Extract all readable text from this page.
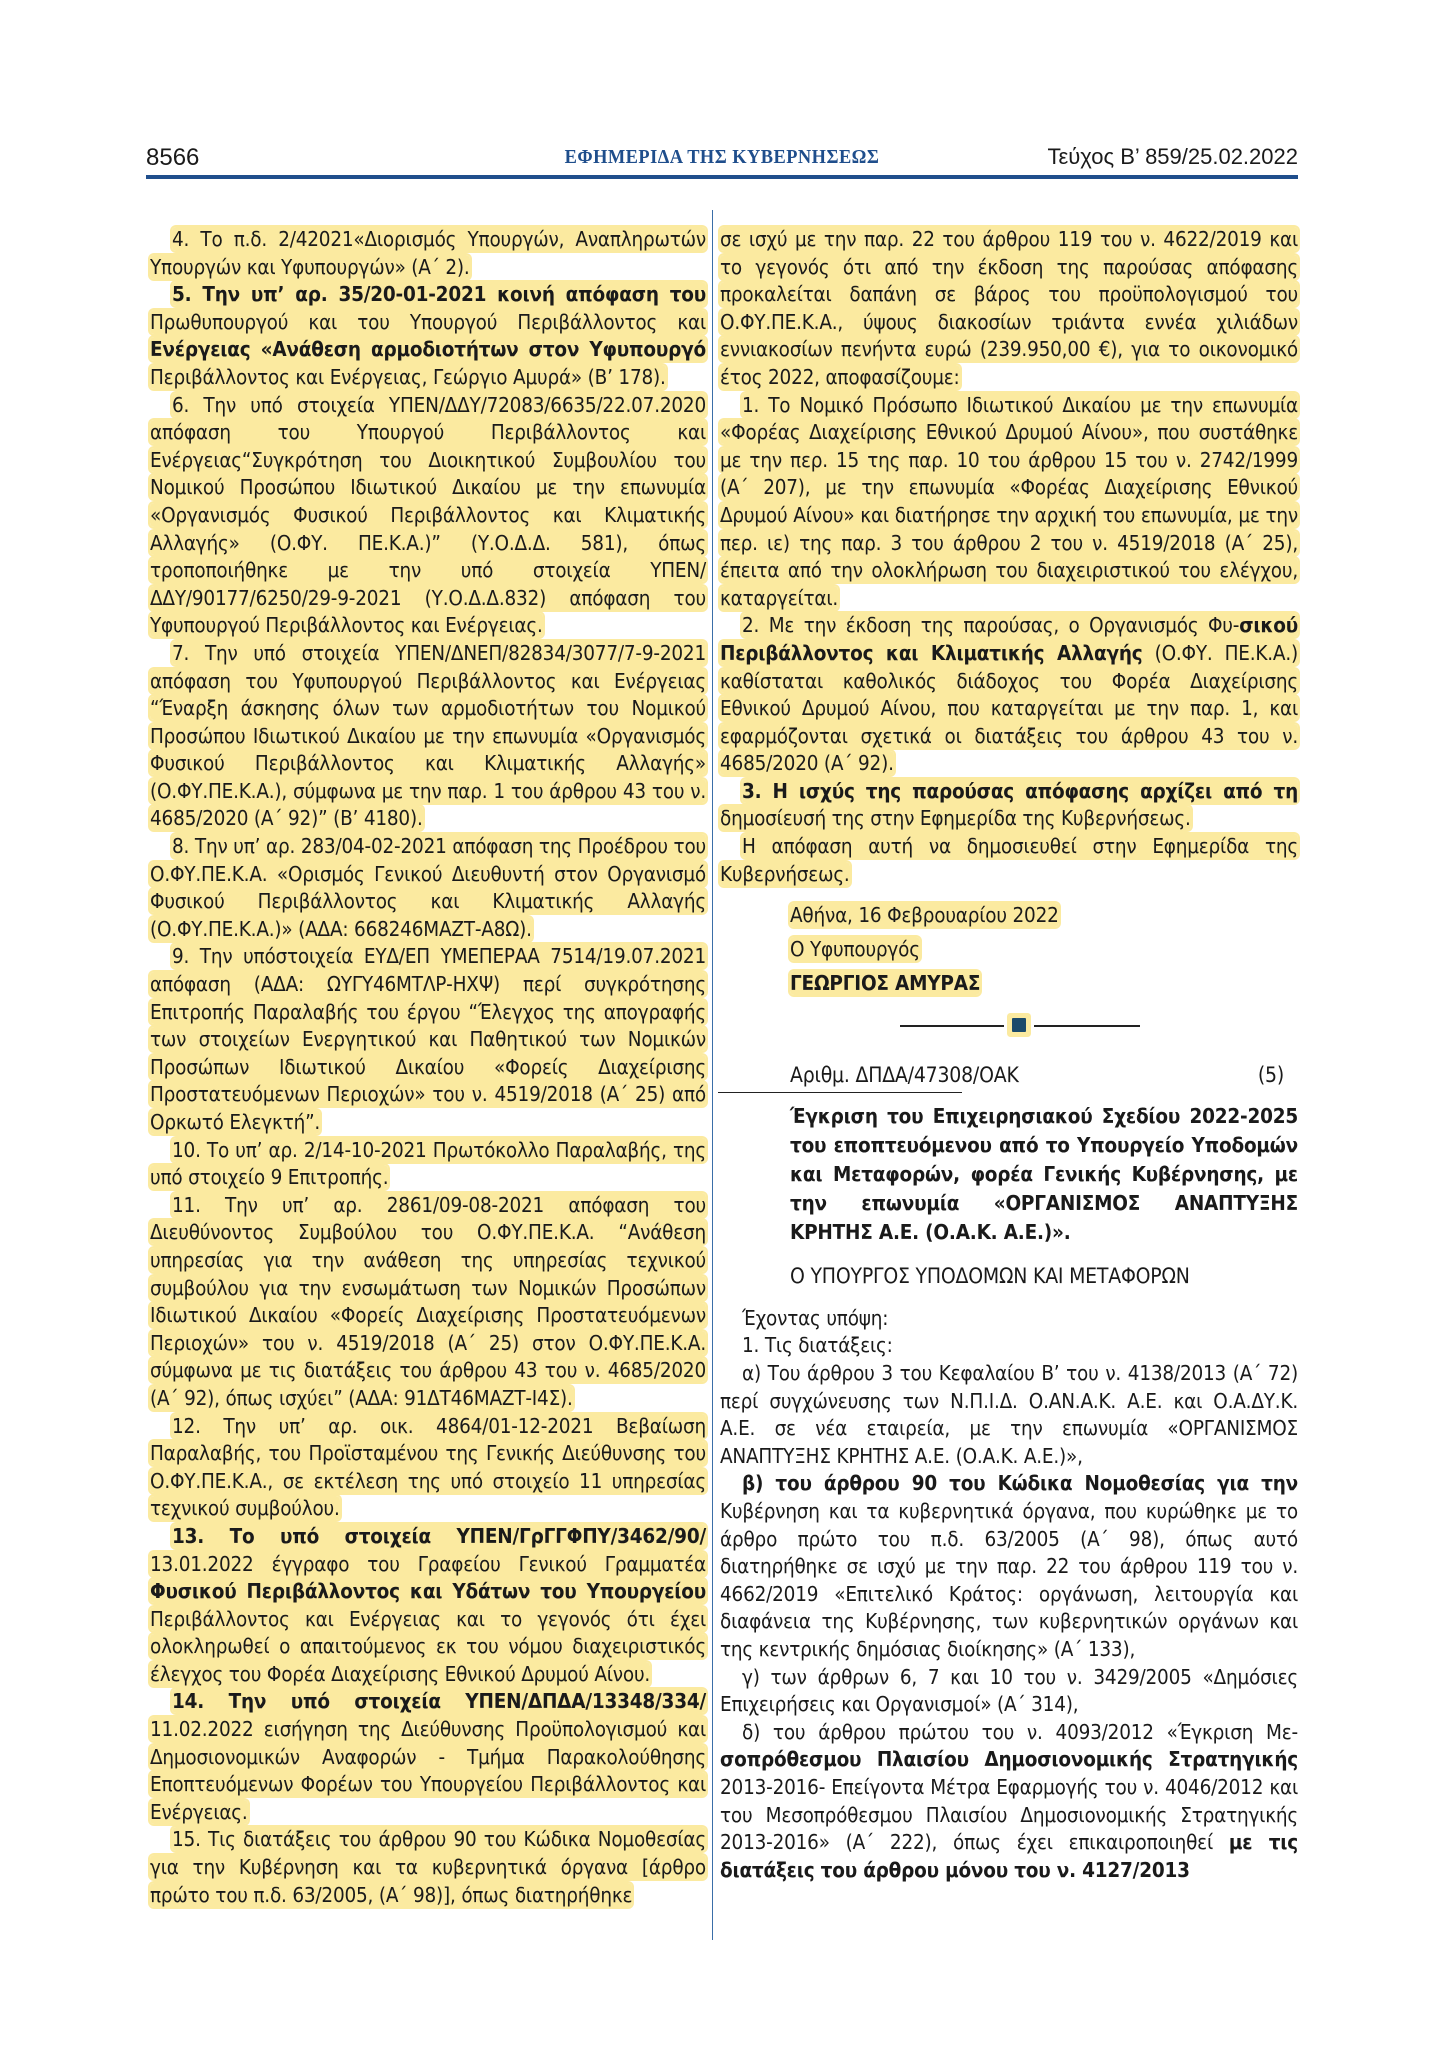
8566	ΕΦΗΜΕΡΙΔΑ ΤΗΣ ΚΥΒΕΡΝΗΣΕΩΣ	Τεύχος Β’ 859/25.02.2022

4. Το π.δ. 2/42021«Διορισμός Υπουργών, Αναπληρωτών Υπουργών και Υφυπουργών» (Α΄ 2).

5. Την υπ’ αρ. 35/20-01-2021 κοινή απόφαση του Πρωθυπουργού και του Υπουργού Περιβάλλοντος και Ενέργειας «Ανάθεση αρμοδιοτήτων στον Υφυπουργό Περιβάλλοντος και Ενέργειας, Γεώργιο Αμυρά» (Β’ 178).

6. Την υπό στοιχεία ΥΠΕΝ/ΔΔΥ/72083/6635/22.07.2020 απόφαση του Υπουργού Περιβάλλοντος και Ενέργειας“Συγκρότηση του Διοικητικού Συμβουλίου του Νομικού Προσώπου Ιδιωτικού Δικαίου με την επωνυμία «Οργανισμός Φυσικού Περιβάλλοντος και Κλιματικής Αλλαγής» (Ο.ΦΥ. ΠΕ.Κ.Α.)” (Υ.Ο.Δ.Δ. 581), όπως τροποποιήθηκε με την υπό στοιχεία ΥΠΕΝ/ΔΔΥ/90177/6250/29-9-2021 (Υ.Ο.Δ.Δ.832) απόφαση του Υφυπουργού Περιβάλλοντος και Ενέργειας.

7. Την υπό στοιχεία ΥΠΕΝ/ΔΝΕΠ/82834/3077/7-9-2021 απόφαση του Υφυπουργού Περιβάλλοντος και Ενέργειας “Έναρξη άσκησης όλων των αρμοδιοτήτων του Νομικού Προσώπου Ιδιωτικού Δικαίου με την επωνυμία «Οργανισμός Φυσικού Περιβάλλοντος και Κλιματικής Αλλαγής» (Ο.ΦΥ.ΠΕ.Κ.Α.), σύμφωνα με την παρ. 1 του άρθρου 43 του ν. 4685/2020 (Α΄ 92)” (Β’ 4180).

8. Την υπ’ αρ. 283/04-02-2021 απόφαση της Προέδρου του Ο.ΦΥ.ΠΕ.Κ.Α. «Ορισμός Γενικού Διευθυντή στον Οργανισμό Φυσικού Περιβάλλοντος και Κλιματικής Αλλαγής (Ο.ΦΥ.ΠΕ.Κ.Α.)» (ΑΔΑ: 668246ΜΑΖΤ-Α8Ω).

9. Την υπόστοιχεία ΕΥΔ/ΕΠ ΥΜΕΠΕΡΑΑ 7514/19.07.2021 απόφαση (ΑΔΑ: ΩΥΓΥ46ΜΤΛΡ-ΗΧΨ) περί συγκρότησης Επιτροπής Παραλαβής του έργου “Έλεγχος της απογραφής των στοιχείων Ενεργητικού και Παθητικού των Νομικών Προσώπων Ιδιωτικού Δικαίου «Φορείς Διαχείρισης Προστατευόμενων Περιοχών» του ν. 4519/2018 (Α΄ 25) από Ορκωτό Ελεγκτή”.

10. Το υπ’ αρ. 2/14-10-2021 Πρωτόκολλο Παραλαβής, της υπό στοιχείο 9 Επιτροπής.

11. Την υπ’ αρ. 2861/09-08-2021 απόφαση του Διευθύνοντος Συμβούλου του Ο.ΦΥ.ΠΕ.Κ.Α. “Ανάθεση υπηρεσίας για την ανάθεση της υπηρεσίας τεχνικού συμβούλου για την ενσωμάτωση των Νομικών Προσώπων Ιδιωτικού Δικαίου «Φορείς Διαχείρισης Προστατευόμενων Περιοχών» του ν. 4519/2018 (Α΄ 25) στον Ο.ΦΥ.ΠΕ.Κ.Α. σύμφωνα με τις διατάξεις του άρθρου 43 του ν. 4685/2020 (Α΄ 92), όπως ισχύει” (ΑΔΑ: 91ΔΤ46ΜΑΖΤ-Ι4Σ).

12. Την υπ’ αρ. οικ. 4864/01-12-2021 Βεβαίωση Παραλαβής, του Προϊσταμένου της Γενικής Διεύθυνσης του Ο.ΦΥ.ΠΕ.Κ.Α., σε εκτέλεση της υπό στοιχείο 11 υπηρεσίας τεχνικού συμβούλου.

13. Το υπό στοιχεία ΥΠΕΝ/ΓρΓΓΦΠΥ/3462/90/ 13.01.2022 έγγραφο του Γραφείου Γενικού Γραμματέα Φυσικού Περιβάλλοντος και Υδάτων του Υπουργείου Περιβάλλοντος και Ενέργειας και το γεγονός ότι έχει ολοκληρωθεί ο απαιτούμενος εκ του νόμου διαχειριστικός έλεγχος του Φορέα Διαχείρισης Εθνικού Δρυμού Αίνου.

14. Την υπό στοιχεία ΥΠΕΝ/ΔΠΔΑ/13348/334/ 11.02.2022 εισήγηση της Διεύθυνσης Προϋπολογισμού και Δημοσιονομικών Αναφορών - Τμήμα Παρακολούθησης Εποπτευόμενων Φορέων του Υπουργείου Περιβάλλοντος και Ενέργειας.

15. Τις διατάξεις του άρθρου 90 του Κώδικα Νομοθεσίας για την Κυβέρνηση και τα κυβερνητικά όργανα [άρθρο πρώτο του π.δ. 63/2005, (Α΄ 98)], όπως διατηρήθηκε

σε ισχύ με την παρ. 22 του άρθρου 119 του ν. 4622/2019 και το γεγονός ότι από την έκδοση της παρούσας απόφασης προκαλείται δαπάνη σε βάρος του προϋπολογισμού του Ο.ΦΥ.ΠΕ.Κ.Α., ύψους διακοσίων τριάντα εννέα χιλιάδων εννιακοσίων πενήντα ευρώ (239.950,00 €), για το οικονομικό έτος 2022, αποφασίζουμε:

1. Το Νομικό Πρόσωπο Ιδιωτικού Δικαίου με την επωνυμία «Φορέας Διαχείρισης Εθνικού Δρυμού Αίνου», που συστάθηκε με την περ. 15 της παρ. 10 του άρθρου 15 του ν. 2742/1999 (Α΄ 207), με την επωνυμία «Φορέας Διαχείρισης Εθνικού Δρυμού Αίνου» και διατήρησε την αρχική του επωνυμία, με την περ. ιε) της παρ. 3 του άρθρου 2 του ν. 4519/2018 (Α΄ 25), έπειτα από την ολοκλήρωση του διαχειριστικού του ελέγχου, καταργείται.

2. Με την έκδοση της παρούσας, ο Οργανισμός Φυ-σικού Περιβάλλοντος και Κλιματικής Αλλαγής (Ο.ΦΥ. ΠΕ.Κ.Α.) καθίσταται καθολικός διάδοχος του Φορέα Διαχείρισης Εθνικού Δρυμού Αίνου, που καταργείται με την παρ. 1, και εφαρμόζονται σχετικά οι διατάξεις του άρθρου 43 του ν. 4685/2020 (Α΄ 92).

3. Η ισχύς της παρούσας απόφασης αρχίζει από τη δημοσίευσή της στην Εφημερίδα της Κυβερνήσεως.

Η απόφαση αυτή να δημοσιευθεί στην Εφημερίδα της Κυβερνήσεως.

Αθήνα, 16 Φεβρουαρίου 2022
Ο Υφυπουργός
ΓΕΩΡΓΙΟΣ ΑΜΥΡΑΣ
Αριθμ. ΔΠΔΑ/47308/ΟΑΚ	(5)
Έγκριση του Επιχειρησιακού Σχεδίου 2022-2025 του εποπτευόμενου από το Υπουργείο Υποδομών και Μεταφορών, φορέα Γενικής Κυβέρνησης, με την επωνυμία «ΟΡΓΑΝΙΣΜΟΣ ΑΝΑΠΤΥΞΗΣ ΚΡΗΤΗΣ Α.Ε. (Ο.Α.Κ. Α.Ε.)».
Ο ΥΠΟΥΡΓΟΣ ΥΠΟΔΟΜΩΝ ΚΑΙ ΜΕΤΑΦΟΡΩΝ

Έχοντας υπόψη:

1. Τις διατάξεις:

α) Του άρθρου 3 του Κεφαλαίου Β’ του ν. 4138/2013 (Α΄ 72) περί συγχώνευσης των Ν.Π.Ι.Δ. Ο.ΑΝ.Α.Κ. Α.Ε. και Ο.Α.ΔΥ.Κ. Α.Ε. σε νέα εταιρεία, με την επωνυμία «ΟΡΓΑΝΙΣΜΟΣ ΑΝΑΠΤΥΞΗΣ ΚΡΗΤΗΣ Α.Ε. (Ο.Α.Κ. Α.Ε.)»,

β) του άρθρου 90 του Κώδικα Νομοθεσίας για την Κυβέρνηση και τα κυβερνητικά όργανα, που κυρώθηκε με το άρθρο πρώτο του π.δ. 63/2005 (Α΄ 98), όπως αυτό διατηρήθηκε σε ισχύ με την παρ. 22 του άρθρου 119 του ν. 4662/2019 «Επιτελικό Κράτος: οργάνωση, λειτουργία και διαφάνεια της Κυβέρνησης, των κυβερνητικών οργάνων και της κεντρικής δημόσιας διοίκησης» (Α΄ 133),

γ) των άρθρων 6, 7 και 10 του ν. 3429/2005 «Δημόσιες Επιχειρήσεις και Οργανισμοί» (Α΄ 314),

δ) του άρθρου πρώτου του ν. 4093/2012 «Έγκριση Με-σοπρόθεσμου Πλαισίου Δημοσιονομικής Στρατηγικής 2013-2016- Επείγοντα Μέτρα Εφαρμογής του ν. 4046/2012 και του Μεσοπρόθεσμου Πλαισίου Δημοσιονομικής Στρατηγικής 2013-2016» (Α΄ 222), όπως έχει επικαιροποιηθεί με τις διατάξεις του άρθρου μόνου του ν. 4127/2013
